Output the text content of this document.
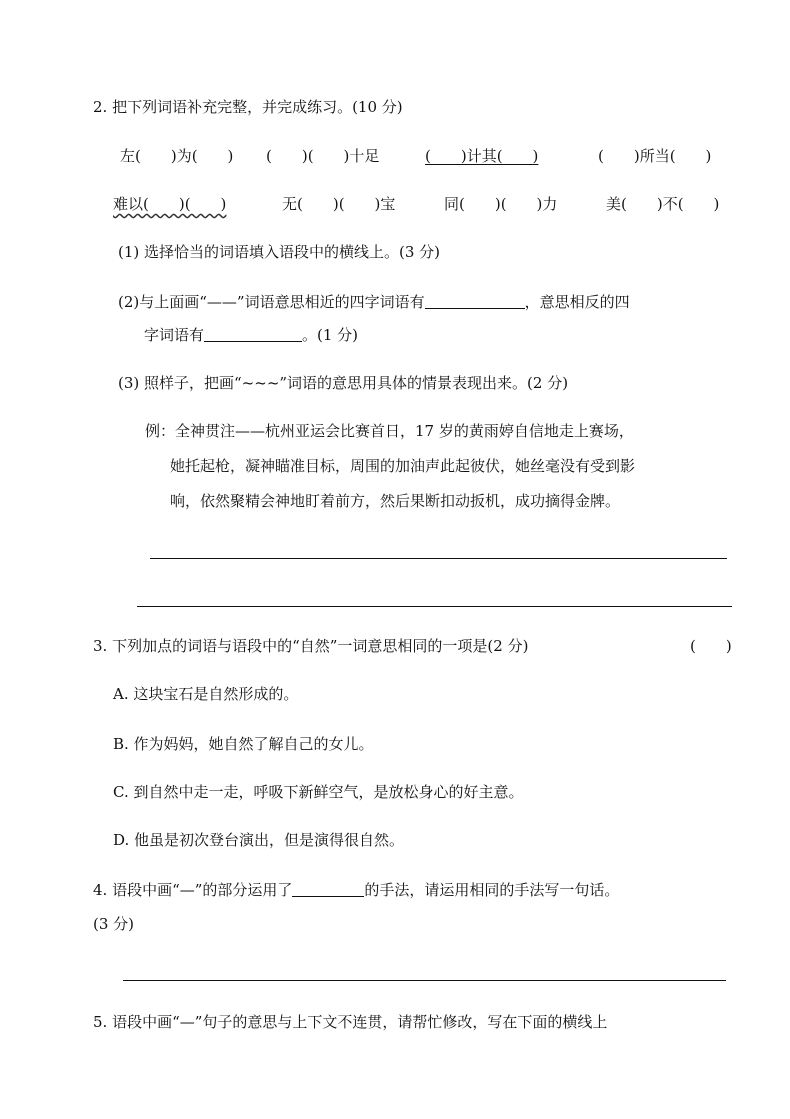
2. 把下列词语补充完整，并完成练习。(10 分)
左(　　)为(　　) (　　)(　　)十足	(　　)计其(　　)	(　　)所当(　　)
难以(　　)(　　)	无(　　)(　　)宝	同(　　)(　　)力	美(　　)不(　　)
(1) 选择恰当的词语填入语段中的横线上。(3 分)
(2)与上面画“——”词语意思相近的四字词语有	，意思相反的四
字词语有	。(1 分)
(3) 照样子，把画“~~~”词语的意思用具体的情景表现出来。(2 分)
例：全神贯注——杭州亚运会比赛首日，17 岁的黄雨婷自信地走上赛场，
她托起枪，凝神瞄准目标，周围的加油声此起彼伏，她丝毫没有受到影
响，依然聚精会神地盯着前方，然后果断扣动扳机，成功摘得金牌。
3. 下列加点的词语与语段中的“自然”一词意思相同的一项是(2 分)	(　　)
A. 这块宝石是自然形成的。
B. 作为妈妈，她自然了解自己的女儿。
C. 到自然中走一走，呼吸下新鲜空气，是放松身心的好主意。
D. 他虽是初次登台演出，但是演得很自然。
4. 语段中画“—”的部分运用了	的手法，请运用相同的手法写一句话。
(3 分)
5. 语段中画“—”句子的意思与上下文不连贯，请帮忙修改，写在下面的横线上
